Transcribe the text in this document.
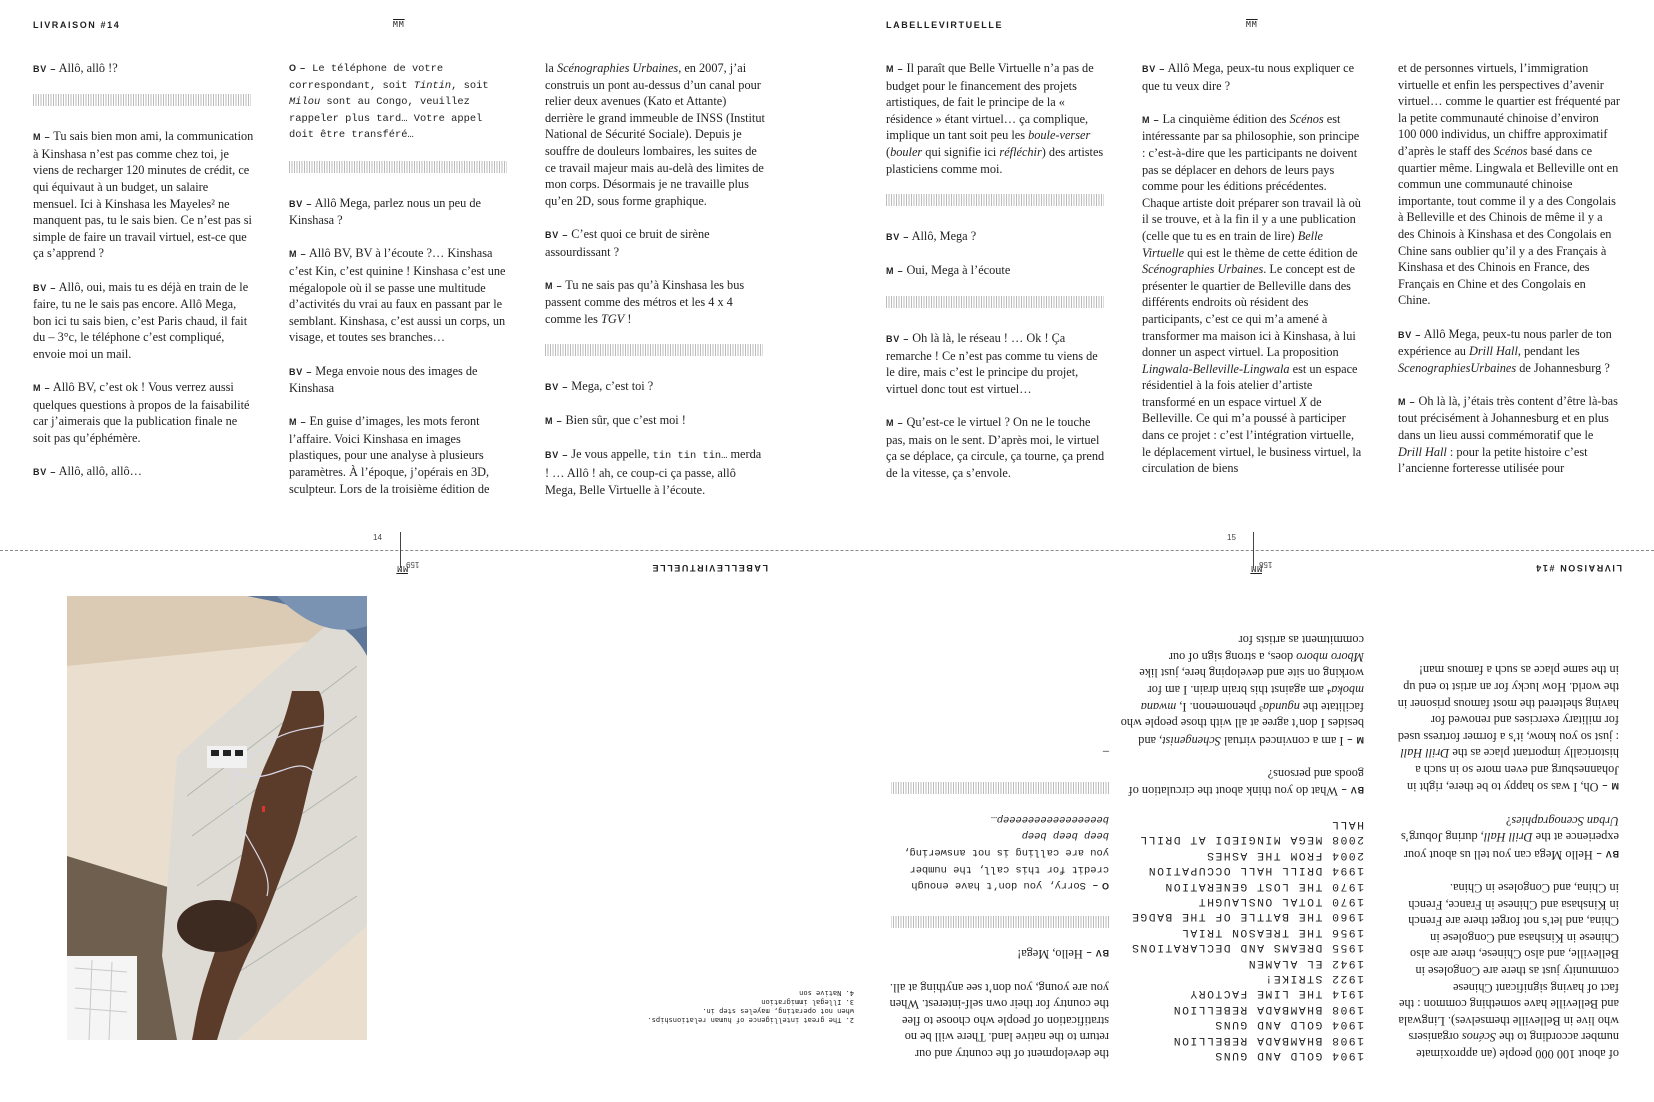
LIVRAISON #14	$\overline{MM}$	LABELLEVIRTUELLE	$\overline{MM}$

BV – Allô, allô !?

M – Tu sais bien mon ami, la communication à Kinshasa n’est pas comme chez toi, je viens de recharger 120 minutes de crédit, ce qui équivaut à un budget, un salaire mensuel. Ici à Kinshasa les Mayeles² ne manquent pas, tu le sais bien. Ce n’est pas si simple de faire un travail virtuel, est-ce que ça s’apprend ?

BV – Allô, oui, mais tu es déjà en train de le faire, tu ne le sais pas encore. Allô Mega, bon ici tu sais bien, c’est Paris chaud, il fait du – 3°c, le téléphone c’est compliqué, envoie moi un mail.

M – Allô BV, c’est ok ! Vous verrez aussi quelques questions à propos de la faisabilité car j’aimerais que la publication finale ne soit pas qu’éphémère.

BV – Allô, allô, allô…

O – Le téléphone de votre correspondant, soit Tintin, soit Milou sont au Congo, veuillez rappeler plus tard… Votre appel doit être transféré…

BV – Allô Mega, parlez nous un peu de Kinshasa ?

M – Allô BV, BV à l’écoute ?… Kinshasa c’est Kin, c’est quinine ! Kinshasa c’est une mégalopole où il se passe une multitude d’activités du vrai au faux en passant par le semblant. Kinshasa, c’est aussi un corps, un visage, et toutes ses branches…

BV – Mega envoie nous des images de Kinshasa

M – En guise d’images, les mots feront l’affaire. Voici Kinshasa en images plastiques, pour une analyse à plusieurs paramètres. À l’époque, j’opérais en 3D, sculpteur. Lors de la troisième édition de

la Scénographies Urbaines, en 2007, j’ai construis un pont au-dessus d’un canal pour relier deux avenues (Kato et Attante) derrière le grand immeuble de INSS (Institut National de Sécurité Sociale). Depuis je souffre de douleurs lombaires, les suites de ce travail majeur mais au-delà des limites de mon corps. Désormais je ne travaille plus qu’en 2D, sous forme graphique.

BV – C’est quoi ce bruit de sirène assourdissant ?

M – Tu ne sais pas qu’à Kinshasa les bus passent comme des métros et les 4 x 4 comme les TGV !

BV – Mega, c’est toi ?

M – Bien sûr, que c’est moi !

BV – Je vous appelle, tin tin tin… merda ! … Allô ! ah, ce coup-ci ça passe, allô Mega, Belle Virtuelle à l’écoute.

M – Il paraît que Belle Virtuelle n’a pas de budget pour le financement des projets artistiques, de fait le principe de la « résidence » étant virtuel… ça complique, implique un tant soit peu les boule-verser (bouler qui signifie ici réfléchir) des artistes plasticiens comme moi.

BV – Allô, Mega ?

M – Oui, Mega à l’écoute

BV – Oh là là, le réseau ! … Ok ! Ça remarche ! Ce n’est pas comme tu viens de le dire, mais c’est le principe du projet, virtuel donc tout est virtuel…

M – Qu’est-ce le virtuel ? On ne le touche pas, mais on le sent. D’après moi, le virtuel ça se déplace, ça circule, ça tourne, ça prend de la vitesse, ça s’envole.

BV – Allô Mega, peux-tu nous expliquer ce que tu veux dire ?

M – La cinquième édition des Scénos est intéressante par sa philosophie, son principe : c’est-à-dire que les participants ne doivent pas se déplacer en dehors de leurs pays comme pour les éditions précédentes. Chaque artiste doit préparer son travail là où il se trouve, et à la fin il y a une publication (celle que tu es en train de lire) Belle Virtuelle qui est le thème de cette édition de Scénographies Urbaines. Le concept est de présenter le quartier de Belleville dans des différents endroits où résident des participants, c’est ce qui m’a amené à transformer ma maison ici à Kinshasa, à lui donner un aspect virtuel. La proposition Lingwala-Belleville-Lingwala est un espace résidentiel à la fois atelier d’artiste transformé en un espace virtuel X de Belleville. Ce qui m’a poussé à participer dans ce projet : c’est l’intégration virtuelle, le déplacement virtuel, le business virtuel, la circulation de biens

et de personnes virtuels, l’immigration virtuelle et enfin les perspectives d’avenir virtuel… comme le quartier est fréquenté par la petite communauté chinoise d’environ 100 000 individus, un chiffre approximatif d’après le staff des Scénos basé dans ce quartier même. Lingwala et Belleville ont en commun une communauté chinoise importante, tout comme il y a des Congolais à Belleville et des Chinois de même il y a des Chinois à Kinshasa et des Congolais en Chine sans oublier qu’il y a des Français à Kinshasa et des Chinois en France, des Français en Chine et des Congolais en Chine.

BV – Allô Mega, peux-tu nous parler de ton expérience au Drill Hall, pendant les ScenographiesUrbaines de Johannesburg ?

M – Oh là là, j’étais très content d’être là-bas tout précisément à Johannesburg et en plus dans un lieu aussi commémoratif que le Drill Hall : pour la petite histoire c’est l’ancienne forteresse utilisée pour

14	15
159	158	LIVRAISON #14
$\overline{MM}$
LABELLEVIRTUELLE
$\overline{MM}$

of about 100 000 people (an approximate number according to the Scénos organisers who live in Belleville themselves). Lingwala and Belleville have something common : the fact of having significant Chinese community just as there are Congolese in Belleville, and also Chinese, there are also Chinese in Kinshasa and Congolese in China, and let’s not forget there are French in Kinshasa and Chinese in France, French in China, and Congolese in China.

BV – Hello Mega can you tell us about your experience at the Drill Hall, during Joburg’s Urban Scenographies?

M – Oh, I was so happy to be there, right in Johannesburg and even more so in such a historically important place as the Drill Hall : just so you know, it’s a former fortress used for military exercises and renowed for having sheltered the most famous prisoner in the world. How lucky for an artist to end up in the same place as such a famous man!

1904 GOLD AND GUNS
1908 BHAMBADA REBELLION
1904 GOLD AND GUNS
1908 BHAMBADA REBELLION
1914 THE LIME FACTORY
1922 STRIKE!
1942 EL ALAMEN
1955 DREAMS AND DECLARATIONS
1956 THE TREASON TRIAL
1960 THE BATTLE OF THE BADGE
1970 TOTAL ONSLAUGHT
1970 THE LOST GENERATION
1994 DRILL HALL OCCUPATION
2004 FROM THE ASHES
2008 MEGA MINGIEDI AT DRILL HALL

BV – What do you think about the circulation of goods and persons?

M – I am a convinced virtual Schengenist, and besides I don’t agree at all with those people who facilitate the ngunda³ phenomenon. I, mwana mboka⁴ am against this brain drain. I am for working on site and developing here, just like Mboro mboro does, a strong sign of our commitment as artists for

the development of the country and our return to the native land. There will be no stratification of people who choose to flee the country for their own self-interest. When you are young, you don’t see anything at all.

BV – Hello, Mega!

O – Sorry, you don’t have enough credit for this call, the number you are calling is not answering,
beep beep beep
beeeeeeeeeeeeeeeep…

–

2. The great intelligence of human relationships.

when not operating, mayeles step in.

3. Illegal immigration

4. Native son
